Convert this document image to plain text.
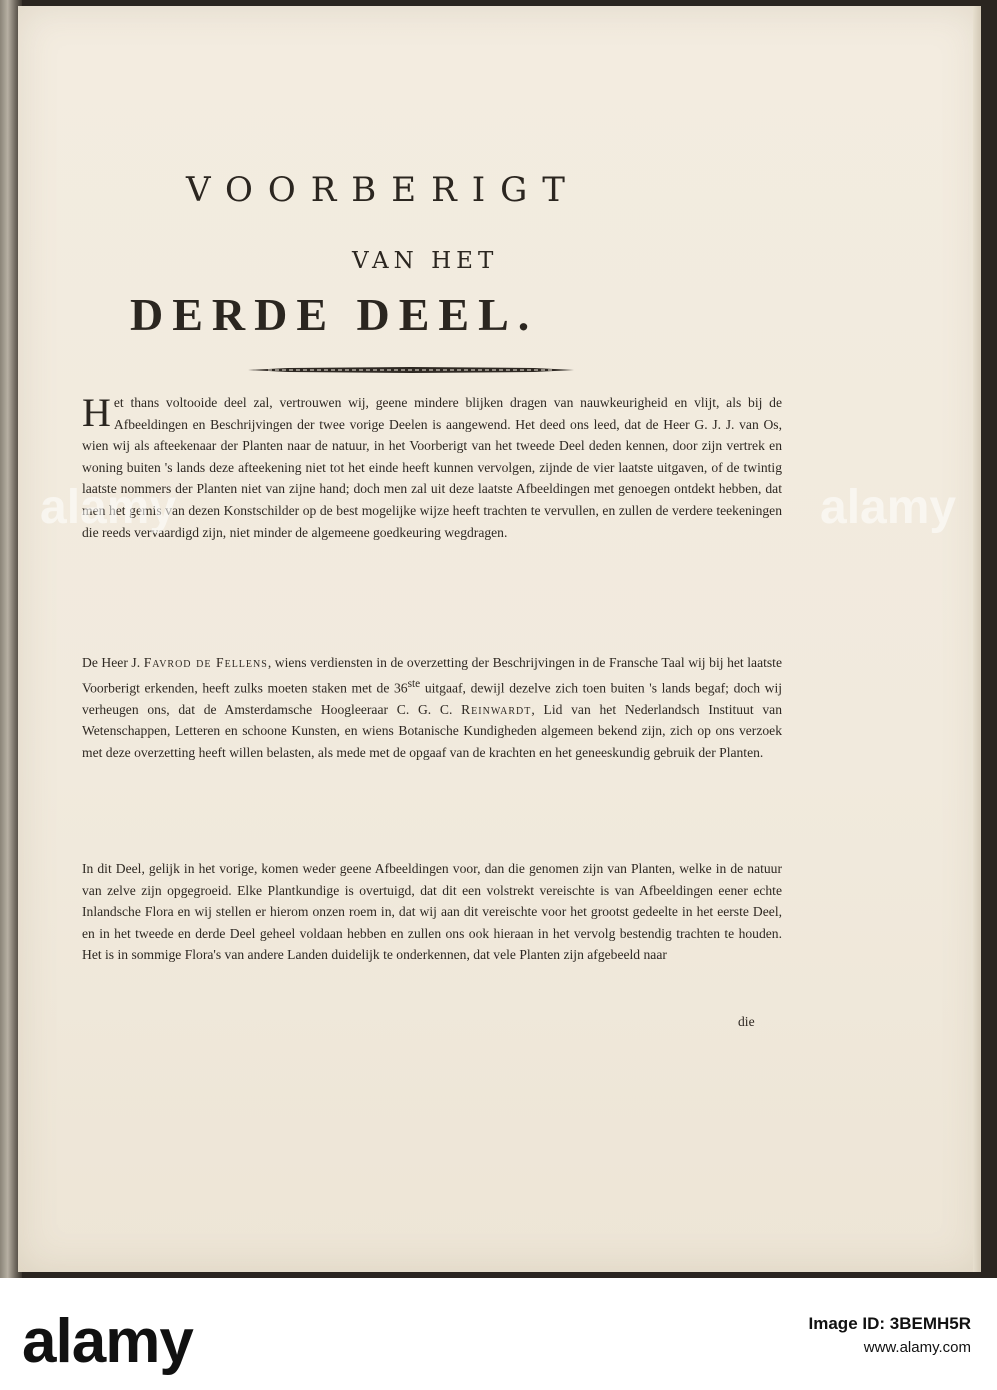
VOORBERIGT
VAN HET
DERDE DEEL.

Het thans voltooide deel zal, vertrouwen wij, geene mindere blijken dragen van nauwkeurigheid en vlijt, als bij de Afbeeldingen en Beschrijvingen der twee vorige Deelen is aangewend. Het deed ons leed, dat de Heer G. J. J. van Os, wien wij als afteekenaar der Planten naar de natuur, in het Voorberigt van het tweede Deel deden kennen, door zijn vertrek en woning buiten 's lands deze afteekening niet tot het einde heeft kunnen vervolgen, zijnde de vier laatste uitgaven, of de twintig laatste nommers der Planten niet van zijne hand; doch men zal uit deze laatste Afbeeldingen met genoegen ontdekt hebben, dat men het gemis van dezen Konstschilder op de best mogelijke wijze heeft trachten te vervullen, en zullen de verdere teekeningen die reeds vervaardigd zijn, niet minder de algemeene goedkeuring wegdragen.

De Heer J. Favrod de Fellens, wiens verdiensten in de overzetting der Beschrijvingen in de Fransche Taal wij bij het laatste Voorberigt erkenden, heeft zulks moeten staken met de 36ste uitgaaf, dewijl dezelve zich toen buiten 's lands begaf; doch wij verheugen ons, dat de Amsterdamsche Hoogleeraar C. G. C. Reinwardt, Lid van het Nederlandsch Instituut van Wetenschappen, Letteren en schoone Kunsten, en wiens Botanische Kundigheden algemeen bekend zijn, zich op ons verzoek met deze overzetting heeft willen belasten, als mede met de opgaaf van de krachten en het geneeskundig gebruik der Planten.

In dit Deel, gelijk in het vorige, komen weder geene Afbeeldingen voor, dan die genomen zijn van Planten, welke in de natuur van zelve zijn opgegroeid. Elke Plantkundige is overtuigd, dat dit een volstrekt vereischte is van Afbeeldingen eener echte Inlandsche Flora en wij stellen er hierom onzen roem in, dat wij aan dit vereischte voor het grootst gedeelte in het eerste Deel, en in het tweede en derde Deel geheel voldaan hebben en zullen ons ook hieraan in het vervolg bestendig trachten te houden. Het is in sommige Flora's van andere Landen duidelijk te onderkennen, dat vele Planten zijn afgebeeld naar

die
alamy	alamy
alamy	Image ID: 3BEMH5R
www.alamy.com
